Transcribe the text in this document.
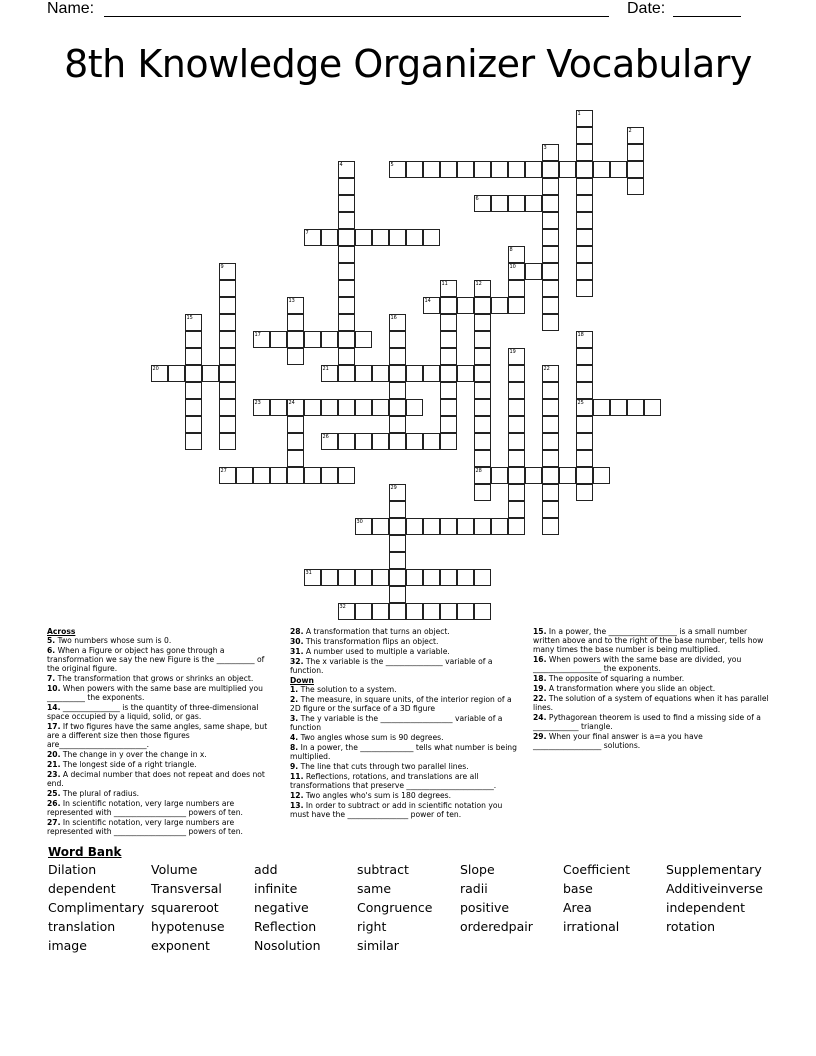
Name:	Date:
8th Knowledge Organizer Vocabulary
1
2
3
4	5
6
7
8
10
9
11	12
28
13	14
15	16
17	18
25
19
20	21	22
23	24
26
27
29
30
31
32
Across
5. Two numbers whose sum is 0.
6. When a Figure or object has gone through a transformation we say the new Figure is the __________ of the original figure.
7. The transformation that grows or shrinks an object.
10. When powers with the same base are multiplied you __________ the exponents.
14. _______________ is the quantity of three-dimensional space occupied by a liquid, solid, or gas.
17. If two figures have the same angles, same shape, but are a different size then those figures are_______________________.
20. The change in y over the change in x.
21. The longest side of a right triangle.
23. A decimal number that does not repeat and does not end.
25. The plural of radius.
26. In scientific notation, very large numbers are represented with ___________________ powers of ten.
27. In scientific notation, very large numbers are represented with ___________________ powers of ten.
28. A transformation that turns an object.
30. This transformation flips an object.
31. A number used to multiple a variable.
32. The x variable is the _______________ variable of a function.
Down
1. The solution to a system.
2. The measure, in square units, of the interior region of a 2D figure or the surface of a 3D figure
3. The y variable is the ___________________ variable of a function
4. Two angles whose sum is 90 degrees.
8. In a power, the ______________ tells what number is being multiplied.
9. The line that cuts through two parallel lines.
11. Reflections, rotations, and translations are all transformations that preserve _______________________.
12. Two angles who's sum is 180 degrees.
13. In order to subtract or add in scientific notation you must have the ________________ power of ten.
15. In a power, the __________________ is a small number written above and to the right of the base number, tells how many times the base number is being multiplied.
16. When powers with the same base are divided, you __________________ the exponents.
18. The opposite of squaring a number.
19. A transformation where you slide an object.
22. The solution of a system of equations when it has parallel lines.
24. Pythagorean theorem is used to find a missing side of a ____________ triangle.
29. When your final answer is a=a you have __________________ solutions.
Word Bank
Dilation	Volume	add	subtract	Slope	Coefficient	Supplementary
dependent	Transversal	infinite	same	radii	base	Additiveinverse
Complimentary squareroot	negative	Congruence	positive	Area	independent
translation	hypotenuse	Reflection	right	orderedpair	irrational	rotation
image	exponent	Nosolution	similar
